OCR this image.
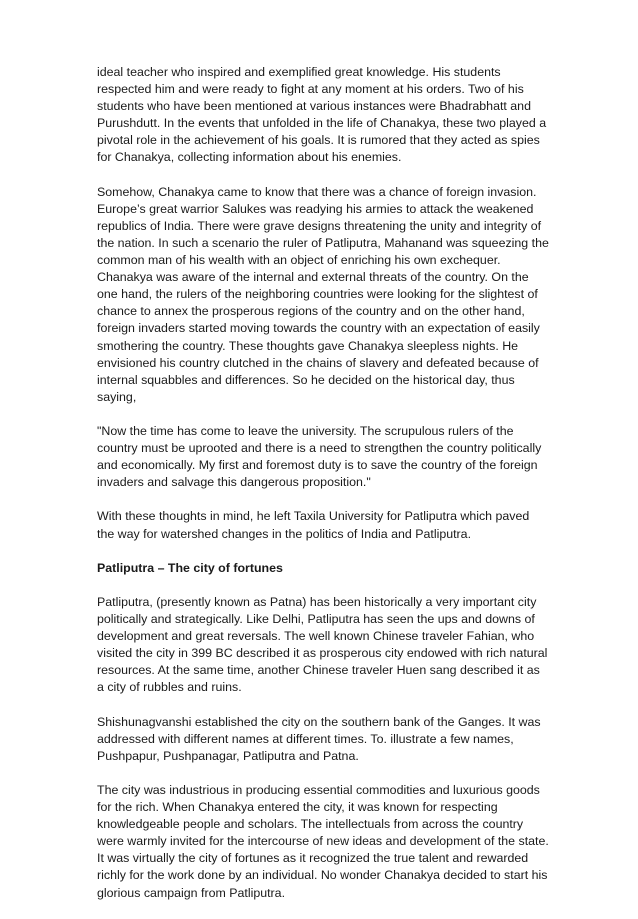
ideal teacher who inspired and exemplified great knowledge. His students respected him and were ready to fight at any moment at his orders. Two of his students who have been mentioned at various instances were Bhadrabhatt and Purushdutt. In the events that unfolded in the life of Chanakya, these two played a pivotal role in the achievement of his goals. It is rumored that they acted as spies for Chanakya, collecting information about his enemies.

Somehow, Chanakya came to know that there was a chance of foreign invasion. Europe’s great warrior Salukes was readying his armies to attack the weakened republics of India. There were grave designs threatening the unity and integrity of the nation. In such a scenario the ruler of Patliputra, Mahanand was squeezing the common man of his wealth with an object of enriching his own exchequer. Chanakya was aware of the internal and external threats of the country. On the one hand, the rulers of the neighboring countries were looking for the slightest of chance to annex the prosperous regions of the country and on the other hand, foreign invaders started moving towards the country with an expectation of easily smothering the country. These thoughts gave Chanakya sleepless nights. He envisioned his country clutched in the chains of slavery and defeated because of internal squabbles and differences. So he decided on the historical day, thus saying,

"Now the time has come to leave the university. The scrupulous rulers of the country must be uprooted and there is a need to strengthen the country politically and economically. My first and foremost duty is to save the country of the foreign invaders and salvage this dangerous proposition."

With these thoughts in mind, he left Taxila University for Patliputra which paved the way for watershed changes in the politics of India and Patliputra.

Patliputra – The city of fortunes

Patliputra, (presently known as Patna) has been historically a very important city politically and strategically. Like Delhi, Patliputra has seen the ups and downs of development and great reversals. The well known Chinese traveler Fahian, who visited the city in 399 BC described it as prosperous city endowed with rich natural resources. At the same time, another Chinese traveler Huen sang described it as a city of rubbles and ruins.

Shishunagvanshi established the city on the southern bank of the Ganges. It was addressed with different names at different times. To. illustrate a few names, Pushpapur, Pushpanagar, Patliputra and Patna.

The city was industrious in producing essential commodities and luxurious goods for the rich. When Chanakya entered the city, it was known for respecting knowledgeable people and scholars. The intellectuals from across the country were warmly invited for the intercourse of new ideas and development of the state. It was virtually the city of fortunes as it recognized the true talent and rewarded richly for the work done by an individual. No wonder Chanakya decided to start his glorious campaign from Patliputra.
